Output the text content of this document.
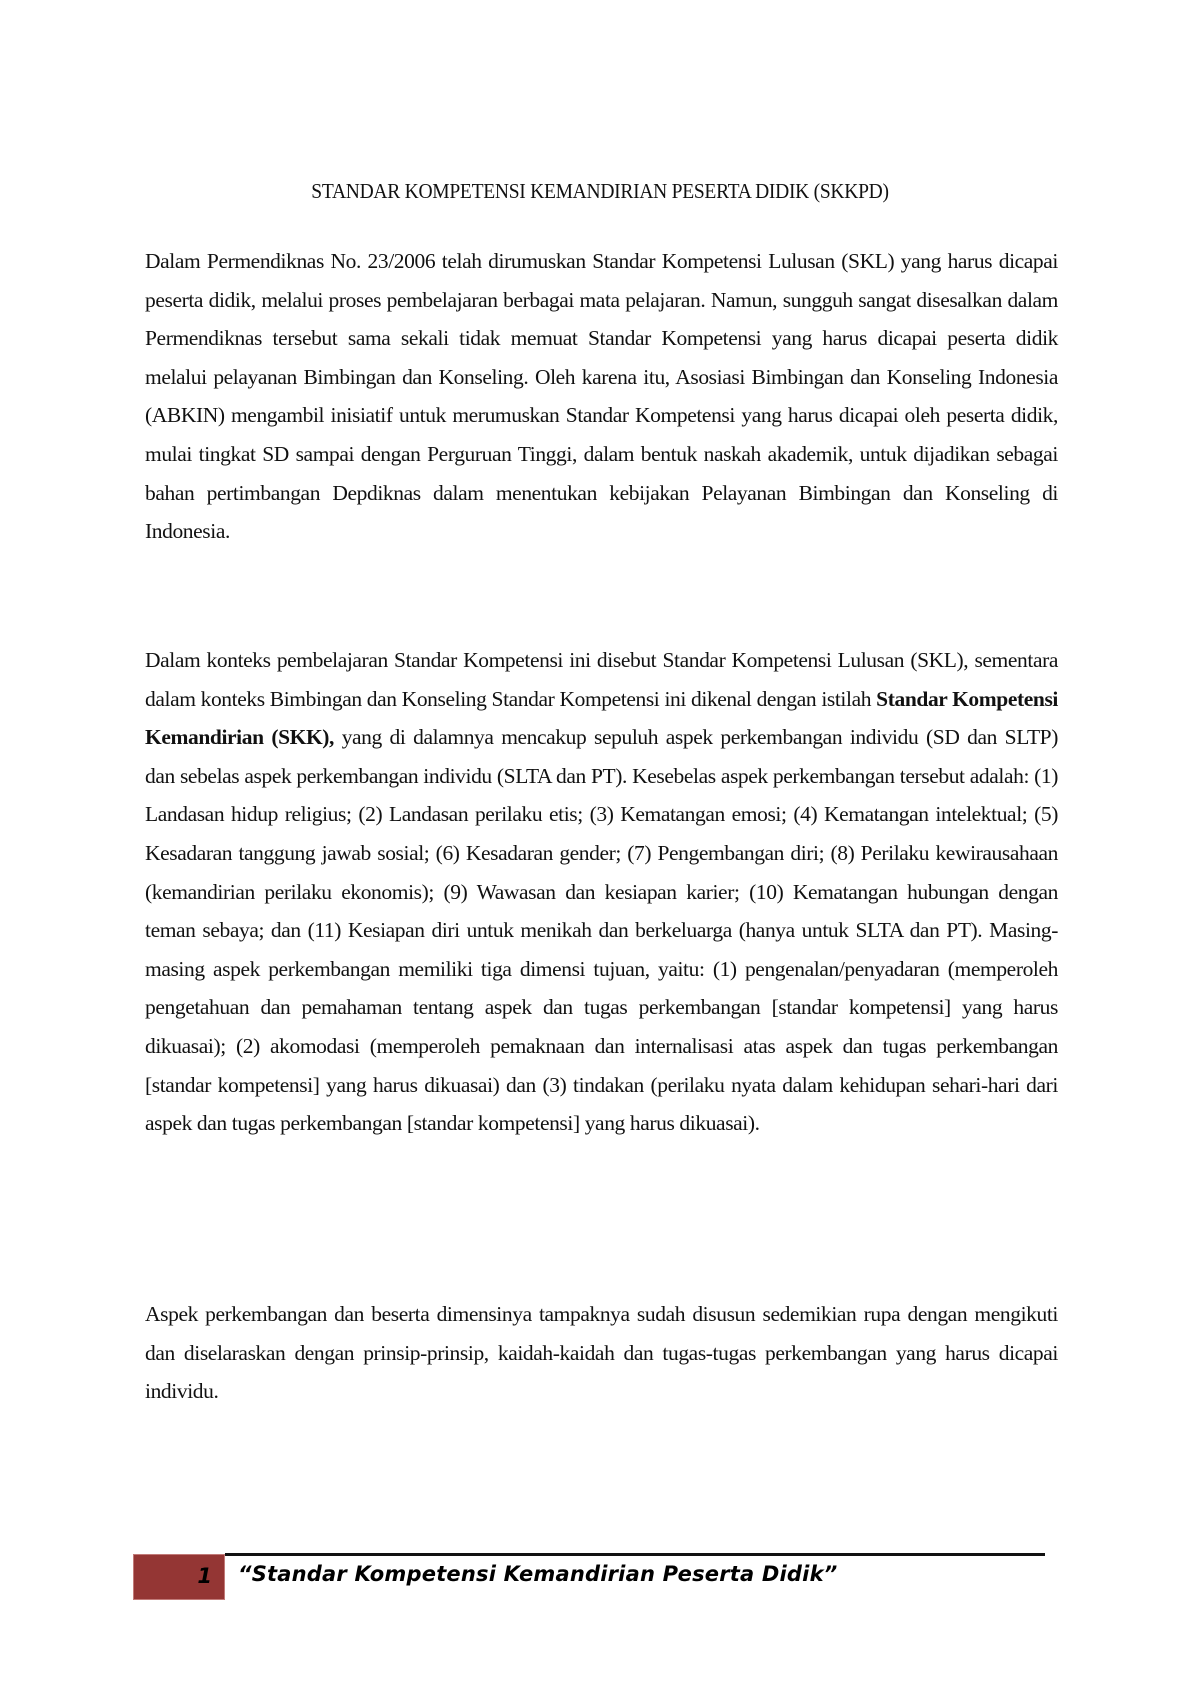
STANDAR KOMPETENSI KEMANDIRIAN PESERTA DIDIK (SKKPD)

Dalam Permendiknas No. 23/2006 telah dirumuskan Standar Kompetensi Lulusan (SKL) yang harus dicapai peserta didik, melalui proses pembelajaran berbagai mata pelajaran. Namun, sungguh sangat disesalkan dalam Permendiknas tersebut sama sekali tidak memuat Standar Kompetensi yang harus dicapai peserta didik melalui pelayanan Bimbingan dan Konseling. Oleh karena itu, Asosiasi Bimbingan dan Konseling Indonesia (ABKIN) mengambil inisiatif untuk merumuskan Standar Kompetensi yang harus dicapai oleh peserta didik, mulai tingkat SD sampai dengan Perguruan Tinggi, dalam bentuk naskah akademik, untuk dijadikan sebagai bahan pertimbangan Depdiknas dalam menentukan kebijakan Pelayanan Bimbingan dan Konseling di Indonesia.

Dalam konteks pembelajaran Standar Kompetensi ini disebut Standar Kompetensi Lulusan (SKL), sementara dalam konteks Bimbingan dan Konseling Standar Kompetensi ini dikenal dengan istilah Standar Kompetensi Kemandirian (SKK), yang di dalamnya mencakup sepuluh aspek perkembangan individu (SD dan SLTP) dan sebelas aspek perkembangan individu (SLTA dan PT). Kesebelas aspek perkembangan tersebut adalah: (1) Landasan hidup religius; (2) Landasan perilaku etis; (3) Kematangan emosi; (4) Kematangan intelektual; (5) Kesadaran tanggung jawab sosial; (6) Kesadaran gender; (7) Pengembangan diri; (8) Perilaku kewirausahaan (kemandirian perilaku ekonomis); (9) Wawasan dan kesiapan karier; (10) Kematangan hubungan dengan teman sebaya; dan (11) Kesiapan diri untuk menikah dan berkeluarga (hanya untuk SLTA dan PT). Masing-masing aspek perkembangan memiliki tiga dimensi tujuan, yaitu: (1) pengenalan/penyadaran (memperoleh pengetahuan dan pemahaman tentang aspek dan tugas perkembangan [standar kompetensi] yang harus dikuasai); (2) akomodasi (memperoleh pemaknaan dan internalisasi atas aspek dan tugas perkembangan [standar kompetensi] yang harus dikuasai) dan (3) tindakan (perilaku nyata dalam kehidupan sehari-hari dari aspek dan tugas perkembangan [standar kompetensi] yang harus dikuasai).

Aspek perkembangan dan beserta dimensinya tampaknya sudah disusun sedemikian rupa dengan mengikuti dan diselaraskan dengan prinsip-prinsip, kaidah-kaidah dan tugas-tugas perkembangan yang harus dicapai individu.

1 “Standar Kompetensi Kemandirian Peserta Didik”
